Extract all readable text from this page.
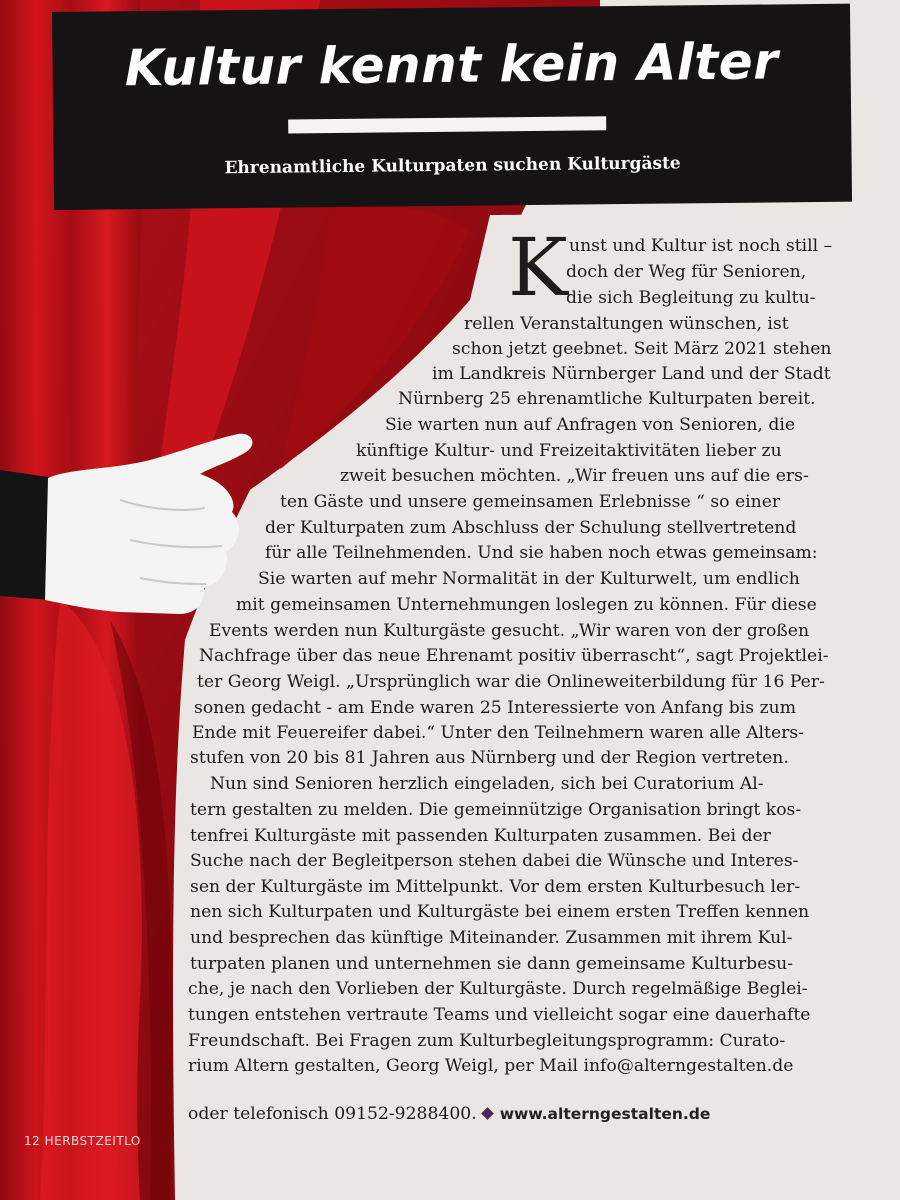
Kultur kennt kein Alter
Ehrenamtliche Kulturpaten suchen Kulturgäste
K unst und Kultur ist noch still –
doch der Weg für Senioren,
die sich Begleitung zu kultu-
rellen Veranstaltungen wünschen, ist
schon jetzt geebnet. Seit März 2021 stehen
im Landkreis Nürnberger Land und der Stadt
Nürnberg 25 ehrenamtliche Kulturpaten bereit.
Sie warten nun auf Anfragen von Senioren, die
künftige Kultur- und Freizeitaktivitäten lieber zu
zweit besuchen möchten. „Wir freuen uns auf die ers-
ten Gäste und unsere gemeinsamen Erlebnisse “ so einer
der Kulturpaten zum Abschluss der Schulung stellvertretend
für alle Teilnehmenden. Und sie haben noch etwas gemeinsam:
Sie warten auf mehr Normalität in der Kulturwelt, um endlich
mit gemeinsamen Unternehmungen loslegen zu können. Für diese
Events werden nun Kulturgäste gesucht. „Wir waren von der großen
Nachfrage über das neue Ehrenamt positiv überrascht“, sagt Projektlei-
ter Georg Weigl. „Ursprünglich war die Onlineweiterbildung für 16 Per-
sonen gedacht - am Ende waren 25 Interessierte von Anfang bis zum
Ende mit Feuereifer dabei.“ Unter den Teilnehmern waren alle Alters-
stufen von 20 bis 81 Jahren aus Nürnberg und der Region vertreten.
Nun sind Senioren herzlich eingeladen, sich bei Curatorium Al-
tern gestalten zu melden. Die gemeinnützige Organisation bringt kos-
tenfrei Kulturgäste mit passenden Kulturpaten zusammen. Bei der
Suche nach der Begleitperson stehen dabei die Wünsche und Interes-
sen der Kulturgäste im Mittelpunkt. Vor dem ersten Kulturbesuch ler-
nen sich Kulturpaten und Kulturgäste bei einem ersten Treffen kennen
und besprechen das künftige Miteinander. Zusammen mit ihrem Kul-
turpaten planen und unternehmen sie dann gemeinsame Kulturbesu-
che, je nach den Vorlieben der Kulturgäste. Durch regelmäßige Beglei-
tungen entstehen vertraute Teams und vielleicht sogar eine dauerhafte
Freundschaft. Bei Fragen zum Kulturbegleitungsprogramm: Curato-
rium Altern gestalten, Georg Weigl, per Mail info@alterngestalten.de
oder telefonisch 09152-9288400. www.alterngestalten.de
12 HERBSTZEITLO
